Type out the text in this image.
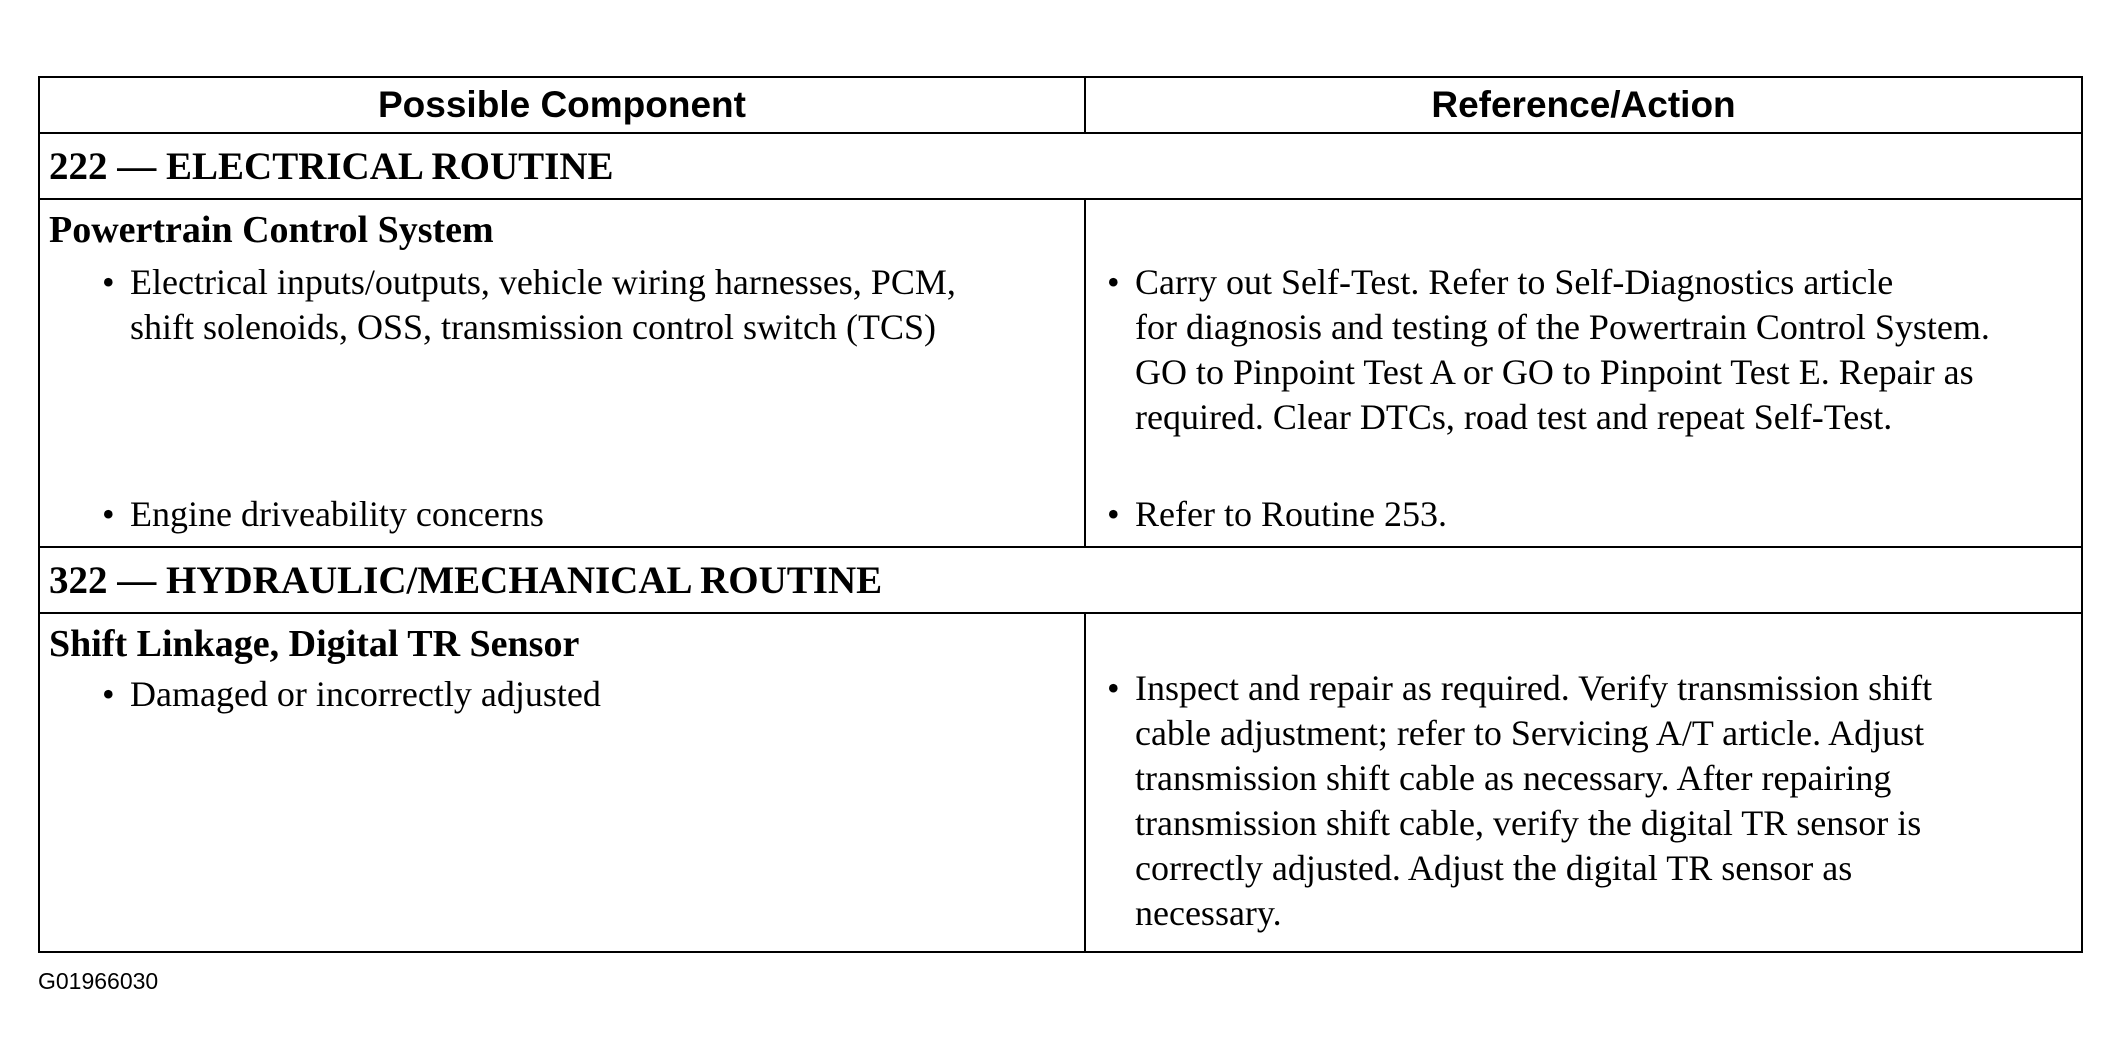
Possible Component	Reference/Action
222 — ELECTRICAL ROUTINE
Powertrain Control System
• Electrical inputs/outputs, vehicle wiring harnesses, PCM,
shift solenoids, OSS, transmission control switch (TCS)
• Engine driveability concerns
• Carry out Self-Test. Refer to Self-Diagnostics article
for diagnosis and testing of the Powertrain Control System.
GO to Pinpoint Test A or GO to Pinpoint Test E. Repair as
required. Clear DTCs, road test and repeat Self-Test.
• Refer to Routine 253.
322 — HYDRAULIC/MECHANICAL ROUTINE
Shift Linkage, Digital TR Sensor
• Damaged or incorrectly adjusted	• Inspect and repair as required. Verify transmission shift
cable adjustment; refer to Servicing A/T article. Adjust
transmission shift cable as necessary. After repairing
transmission shift cable, verify the digital TR sensor is
correctly adjusted. Adjust the digital TR sensor as
necessary.
G01966030
